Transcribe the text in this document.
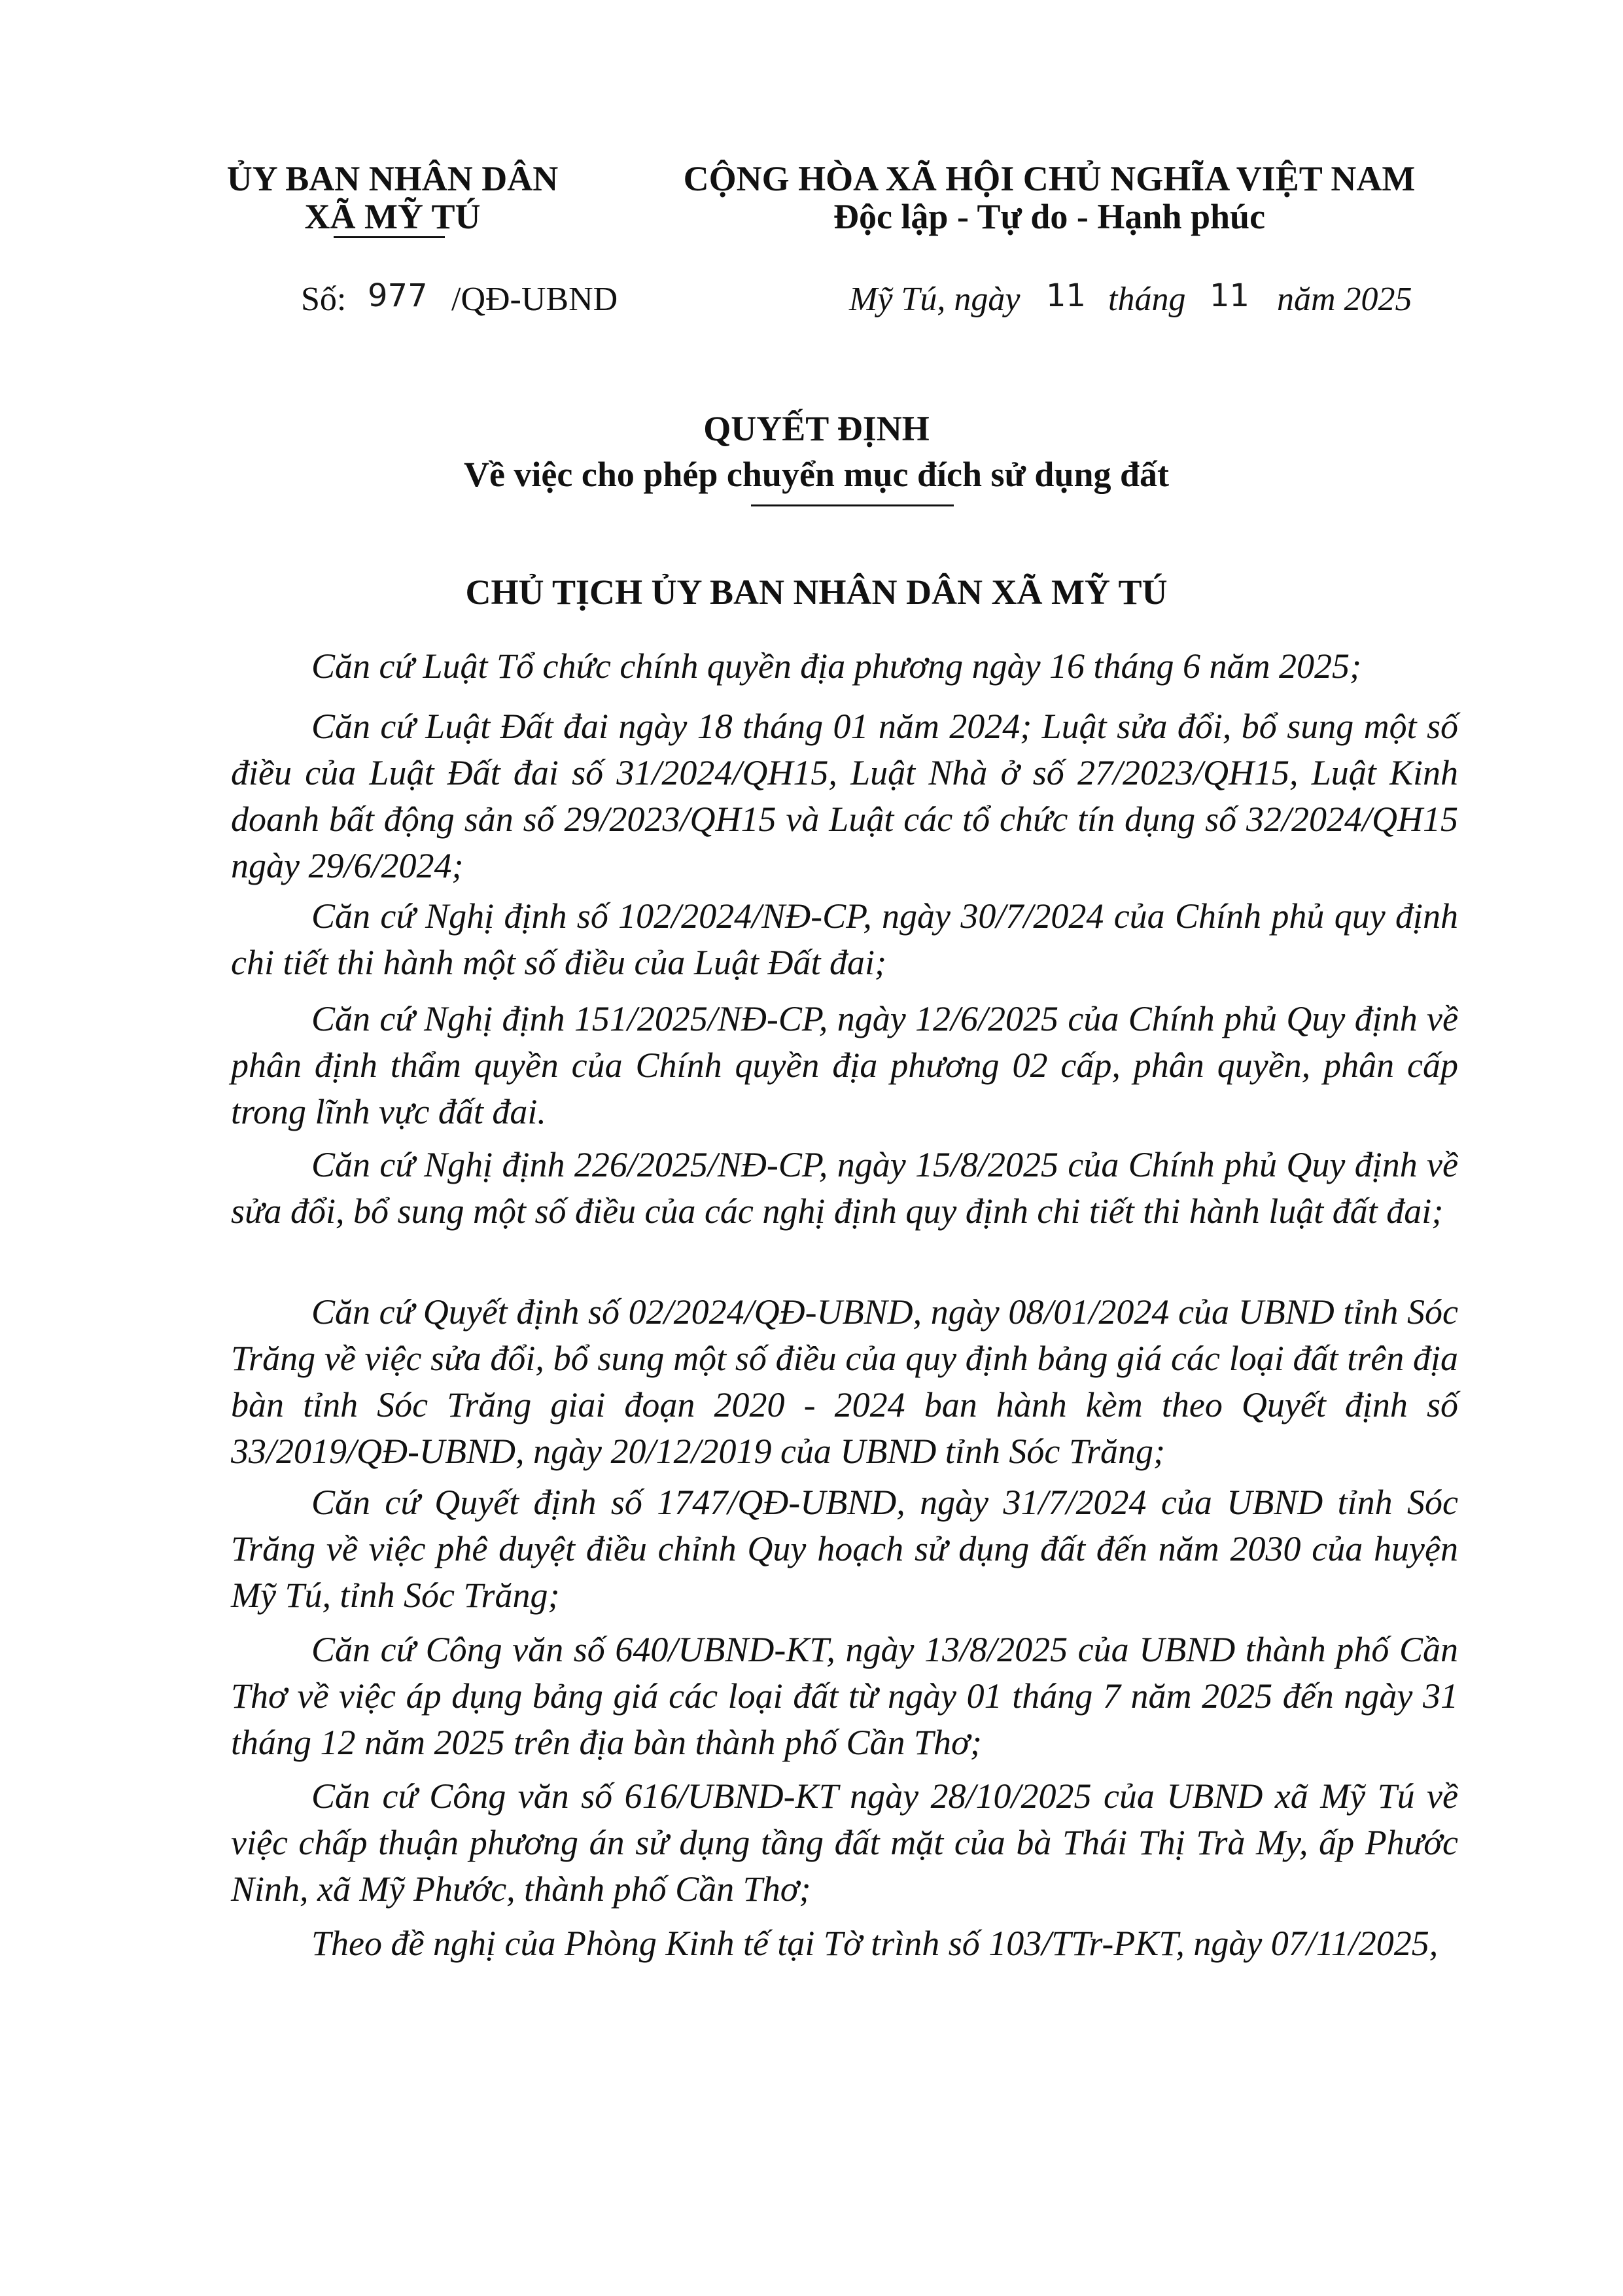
ỦY BAN NHÂN DÂN
XÃ MỸ TÚ
CỘNG HÒA XÃ HỘI CHỦ NGHĨA VIỆT NAM
Độc lập - Tự do - Hạnh phúc
Số: 977 /QĐ-UBND	Mỹ Tú, ngày 11 tháng 11 năm 2025
QUYẾT ĐỊNH
Về việc cho phép chuyển mục đích sử dụng đất
CHỦ TỊCH ỦY BAN NHÂN DÂN XÃ MỸ TÚ

Căn cứ Luật Tổ chức chính quyền địa phương ngày 16 tháng 6 năm 2025;

Căn cứ Luật Đất đai ngày 18 tháng 01 năm 2024; Luật sửa đổi, bổ sung một số điều của Luật Đất đai số 31/2024/QH15, Luật Nhà ở số 27/2023/QH15, Luật Kinh doanh bất động sản số 29/2023/QH15 và Luật các tổ chức tín dụng số 32/2024/QH15 ngày 29/6/2024;

Căn cứ Nghị định số 102/2024/NĐ-CP, ngày 30/7/2024 của Chính phủ quy định chi tiết thi hành một số điều của Luật Đất đai;

Căn cứ Nghị định 151/2025/NĐ-CP, ngày 12/6/2025 của Chính phủ Quy định về phân định thẩm quyền của Chính quyền địa phương 02 cấp, phân quyền, phân cấp trong lĩnh vực đất đai.

Căn cứ Nghị định 226/2025/NĐ-CP, ngày 15/8/2025 của Chính phủ Quy định về sửa đổi, bổ sung một số điều của các nghị định quy định chi tiết thi hành luật đất đai;

Căn cứ Quyết định số 02/2024/QĐ-UBND, ngày 08/01/2024 của UBND tỉnh Sóc Trăng về việc sửa đổi, bổ sung một số điều của quy định bảng giá các loại đất trên địa bàn tỉnh Sóc Trăng giai đoạn 2020 - 2024 ban hành kèm theo Quyết định số 33/2019/QĐ-UBND, ngày 20/12/2019 của UBND tỉnh Sóc Trăng;

Căn cứ Quyết định số 1747/QĐ-UBND, ngày 31/7/2024 của UBND tỉnh Sóc Trăng về việc phê duyệt điều chỉnh Quy hoạch sử dụng đất đến năm 2030 của huyện Mỹ Tú, tỉnh Sóc Trăng;

Căn cứ Công văn số 640/UBND-KT, ngày 13/8/2025 của UBND thành phố Cần Thơ về việc áp dụng bảng giá các loại đất từ ngày 01 tháng 7 năm 2025 đến ngày 31 tháng 12 năm 2025 trên địa bàn thành phố Cần Thơ;

Căn cứ Công văn số 616/UBND-KT ngày 28/10/2025 của UBND xã Mỹ Tú về việc chấp thuận phương án sử dụng tầng đất mặt của bà Thái Thị Trà My, ấp Phước Ninh, xã Mỹ Phước, thành phố Cần Thơ;

Theo đề nghị của Phòng Kinh tế tại Tờ trình số 103/TTr-PKT, ngày 07/11/2025,
